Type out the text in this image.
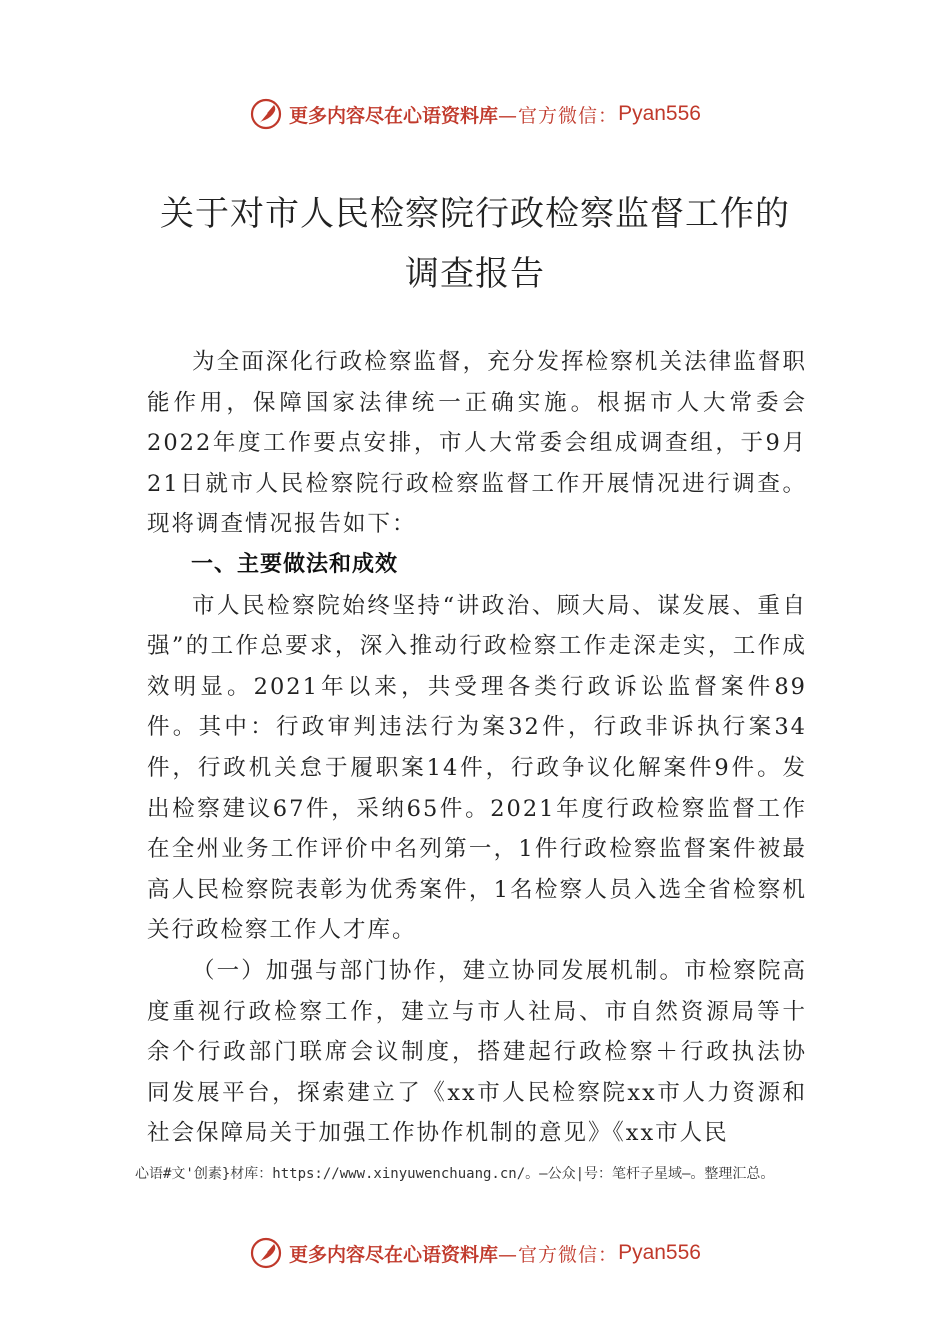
更多内容尽在心语资料库 —官方微信： Pyan556
关于对市人民检察院行政检察监督工作的
调查报告

为全面深化行政检察监督，充分发挥检察机关法律监督职能作用，保障国家法律统一正确实施。根据市人大常委会2022年度工作要点安排，市人大常委会组成调查组，于9月21日就市人民检察院行政检察监督工作开展情况进行调查。现将调查情况报告如下：

一、主要做法和成效

市人民检察院始终坚持“讲政治、顾大局、谋发展、重自强”的工作总要求，深入推动行政检察工作走深走实，工作成效明显。2021年以来，共受理各类行政诉讼监督案件89件。其中：行政审判违法行为案32件，行政非诉执行案34件，行政机关怠于履职案14件，行政争议化解案件9件。发出检察建议67件，采纳65件。2021年度行政检察监督工作在全州业务工作评价中名列第一，1件行政检察监督案件被最高人民检察院表彰为优秀案件，1名检察人员入选全省检察机关行政检察工作人才库。

（一）加强与部门协作，建立协同发展机制。市检察院高度重视行政检察工作，建立与市人社局、市自然资源局等十余个行政部门联席会议制度，搭建起行政检察＋行政执法协同发展平台，探索建立了《xx市人民检察院xx市人力资源和社会保障局关于加强工作协作机制的意见》《xx市人民

心语#文'创素}材库：https://www.xinyuwenchuang.cn/。—公众|号：笔杆子星域—。整理汇总。
更多内容尽在心语资料库 —官方微信： Pyan556
